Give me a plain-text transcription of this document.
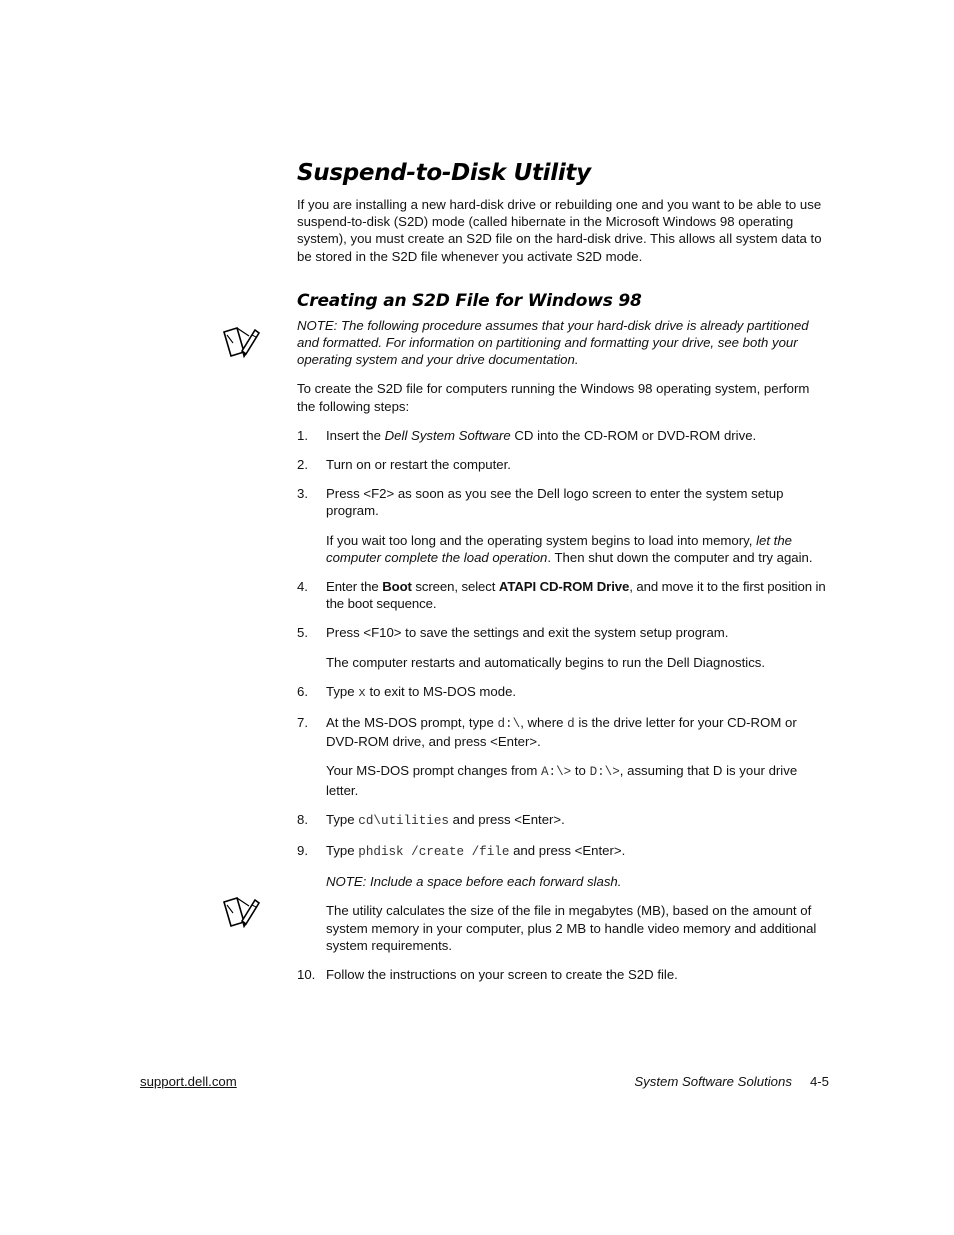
Suspend-to-Disk Utility

If you are installing a new hard-disk drive or rebuilding one and you want to be able to use suspend-to-disk (S2D) mode (called hibernate in the Microsoft Windows 98 operating system), you must create an S2D file on the hard-disk drive. This allows all system data to be stored in the S2D file whenever you activate S2D mode.

Creating an S2D File for Windows 98

NOTE: The following procedure assumes that your hard-disk drive is already partitioned and formatted. For information on partitioning and formatting your drive, see both your operating system and your drive documentation.

To create the S2D file for computers running the Windows 98 operating system, perform the following steps:

1. Insert the Dell System Software CD into the CD-ROM or DVD-ROM drive.
2. Turn on or restart the computer.
3. Press <F2> as soon as you see the Dell logo screen to enter the system setup program.
If you wait too long and the operating system begins to load into memory, let the computer complete the load operation. Then shut down the computer and try again.
4. Enter the Boot screen, select ATAPI CD-ROM Drive, and move it to the first position in the boot sequence.
5. Press <F10> to save the settings and exit the system setup program.
The computer restarts and automatically begins to run the Dell Diagnostics.
6. Type x to exit to MS-DOS mode.
7. At the MS-DOS prompt, type d:\, where d is the drive letter for your CD-ROM or DVD-ROM drive, and press <Enter>.
Your MS-DOS prompt changes from A:\> to D:\>, assuming that D is your drive letter.
8. Type cd\utilities and press <Enter>.
9. Type phdisk /create /file and press <Enter>.
NOTE: Include a space before each forward slash.
The utility calculates the size of the file in megabytes (MB), based on the amount of system memory in your computer, plus 2 MB to handle video memory and additional system requirements.
10. Follow the instructions on your screen to create the S2D file.
support.dell.com	System Software Solutions 4-5
